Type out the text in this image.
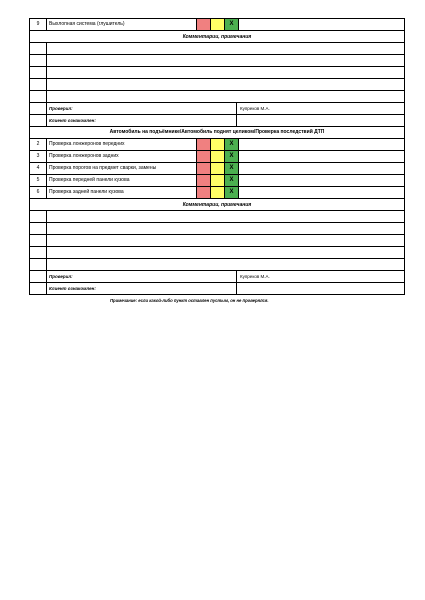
9	Выхлопная система (глушитель)	X
Комментарии, примечания
Проверил:	Купреков М.А.
Клиент ознакомлен:
Автомобиль на подъёмнике/Автомобиль поднят целиком/Проверка последствий ДТП
2	Проверка лонжеронов передних	X
3	Проверка лонжеронов задних	X
4	Проверка порогов на предмет сварки, замены	X
5	Проверка передней панели кузова	X
6	Проверка задней панели кузова	X
Комментарии, примечания
Проверил:	Купреков М.А.
Клиент ознакомлен:
Примечание: если какой-либо пункт оставлен пустым, он не проверялся.
